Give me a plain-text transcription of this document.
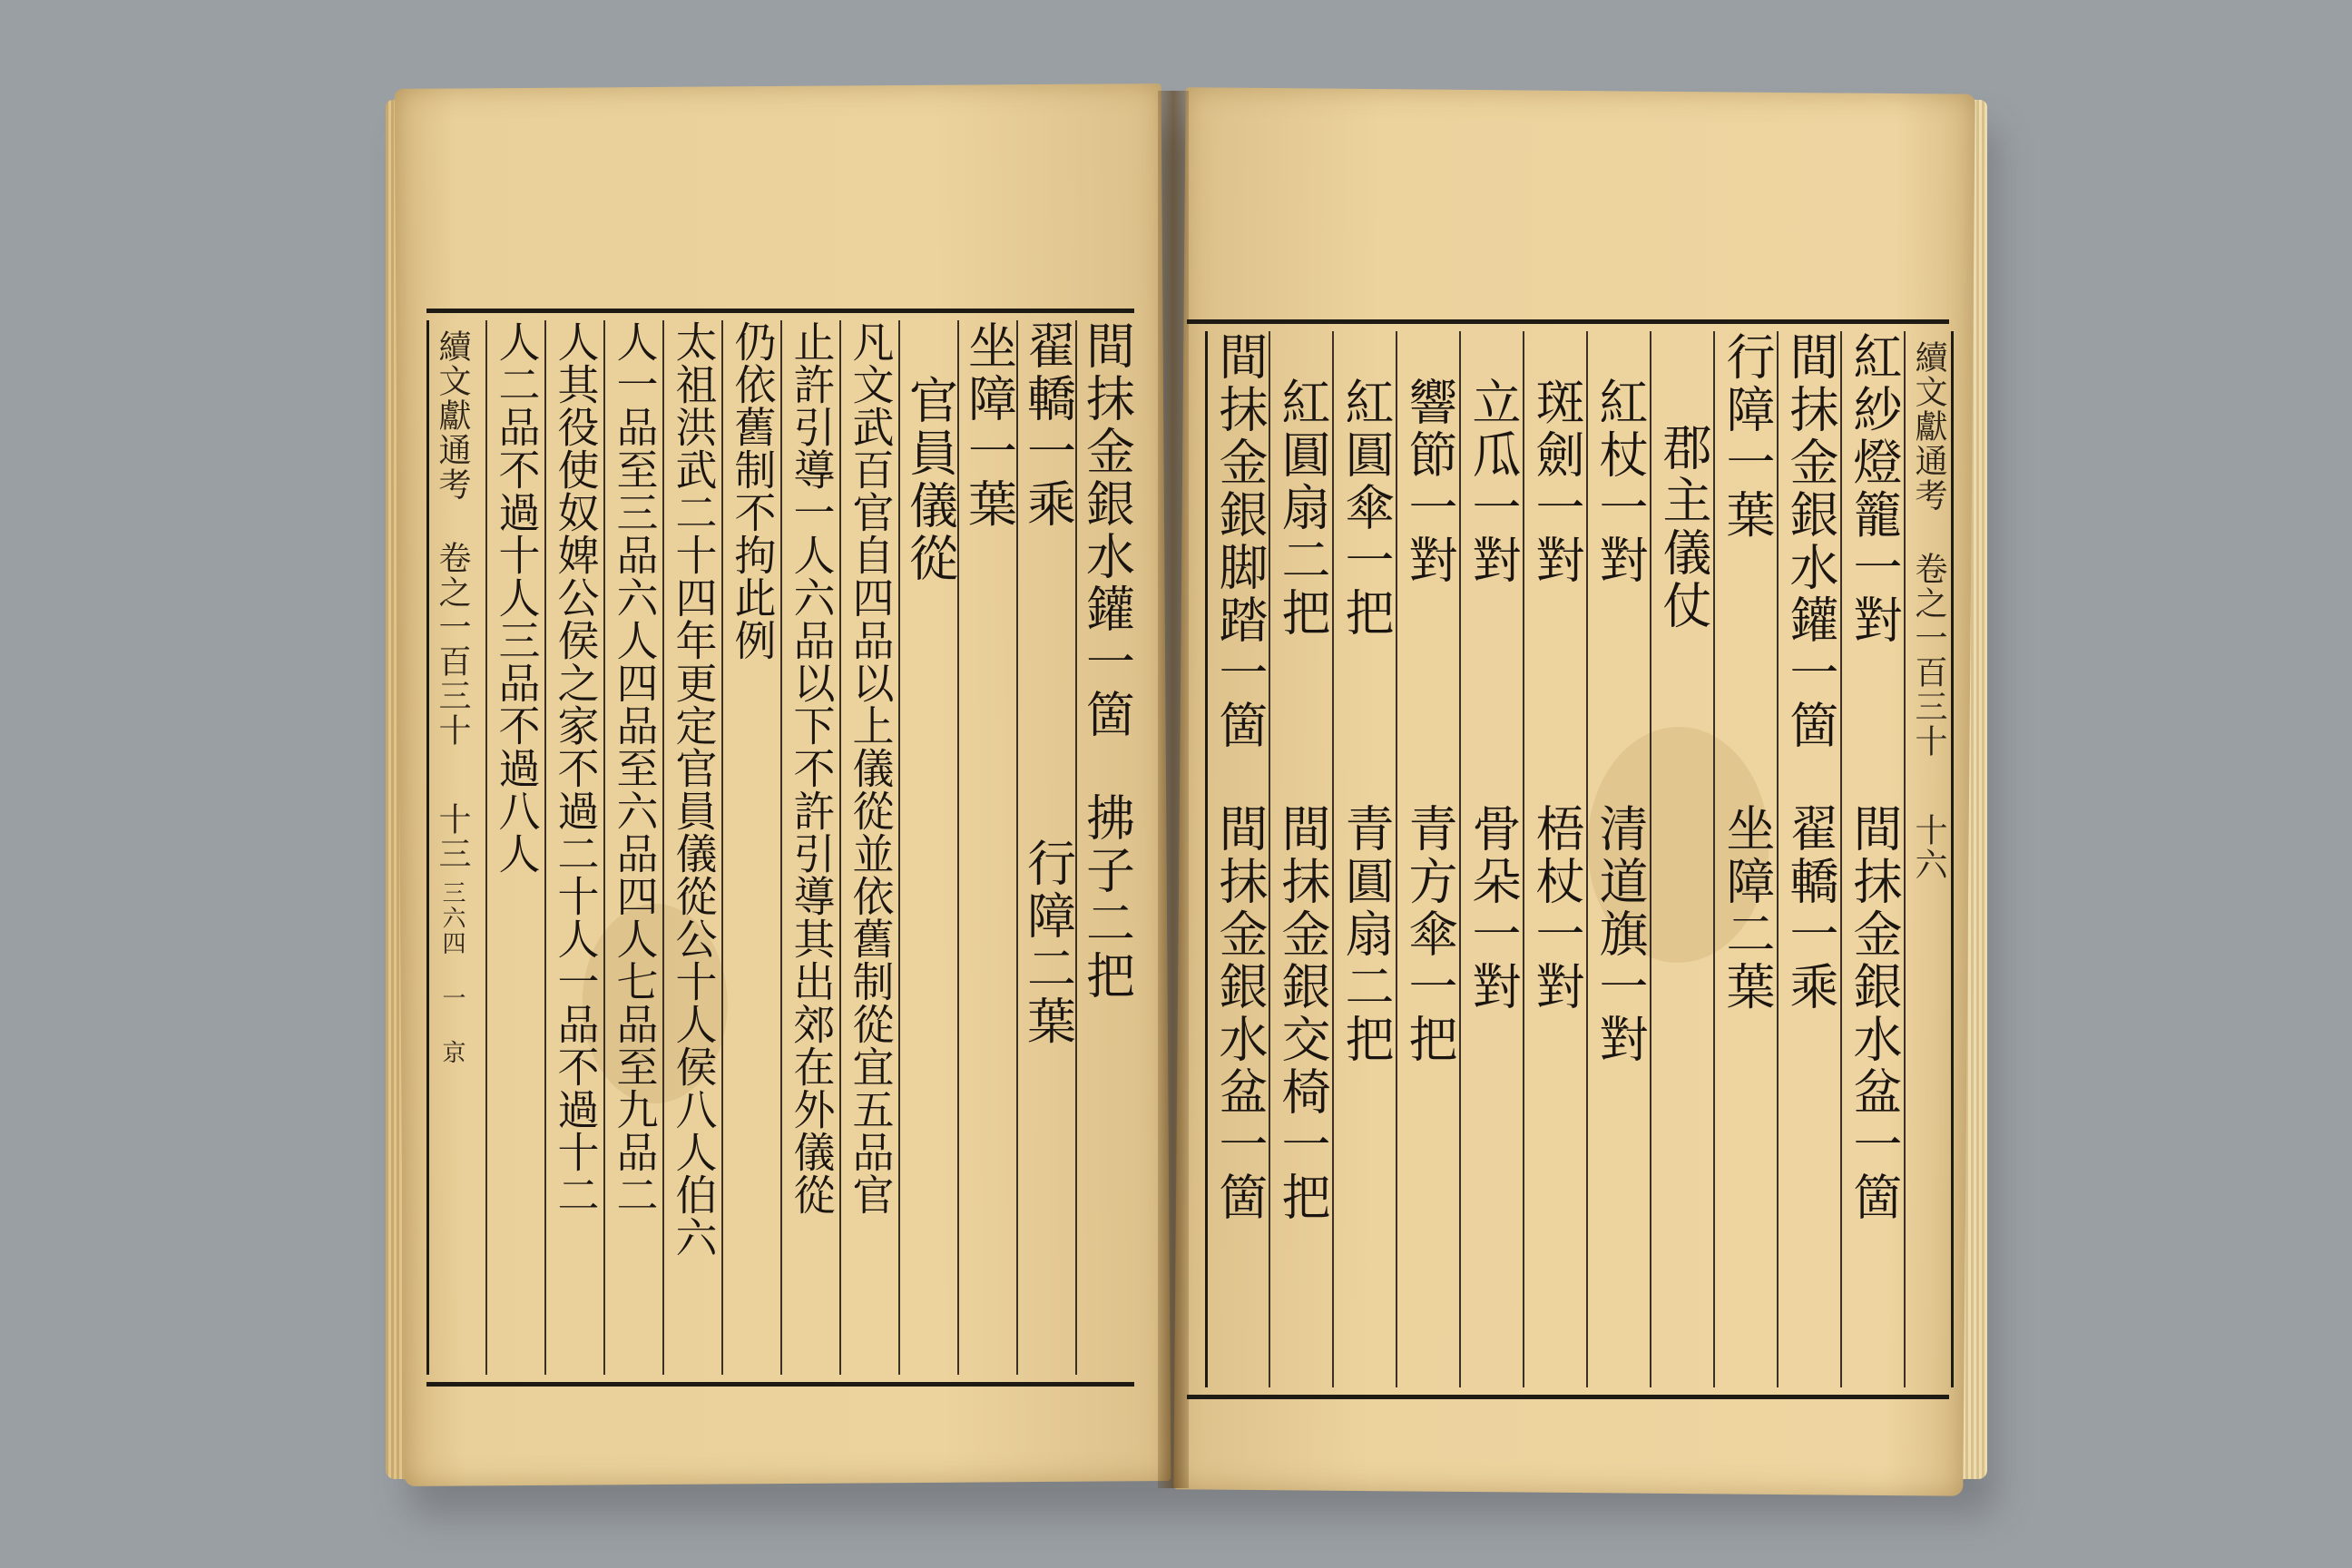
續文獻通考 卷之一百三十
十三
三六四 一 京
間抹金銀水鑵一箇
拂子二把
翟轎一乘
行障二葉
坐障一葉
官員儀從
凡文武百官自四品以上儀從並依舊制從宜五品官
止許引導一人六品以下不許引導其出郊在外儀從
仍依舊制不拘此例
太祖洪武二十四年更定官員儀從公十人侯八人伯六
人一品至三品六人四品至六品四人七品至九品二
人其役使奴婢公侯之家不過二十人一品不過十二
人二品不過十人三品不過八人	續文獻通考 卷之一百三十
十六
紅紗燈籠一對
間抹金銀水盆一箇
間抹金銀水鑵一箇
翟轎一乘
行障一葉
坐障二葉
郡主儀仗
紅杖一對
清道旗一對
斑劍一對
梧杖一對
立瓜一對
骨朵一對
響節一對
青方傘一把
紅圓傘一把
青圓扇二把
紅圓扇二把
間抹金銀交椅一把
間抹金銀脚踏一箇
間抹金銀水盆一箇
